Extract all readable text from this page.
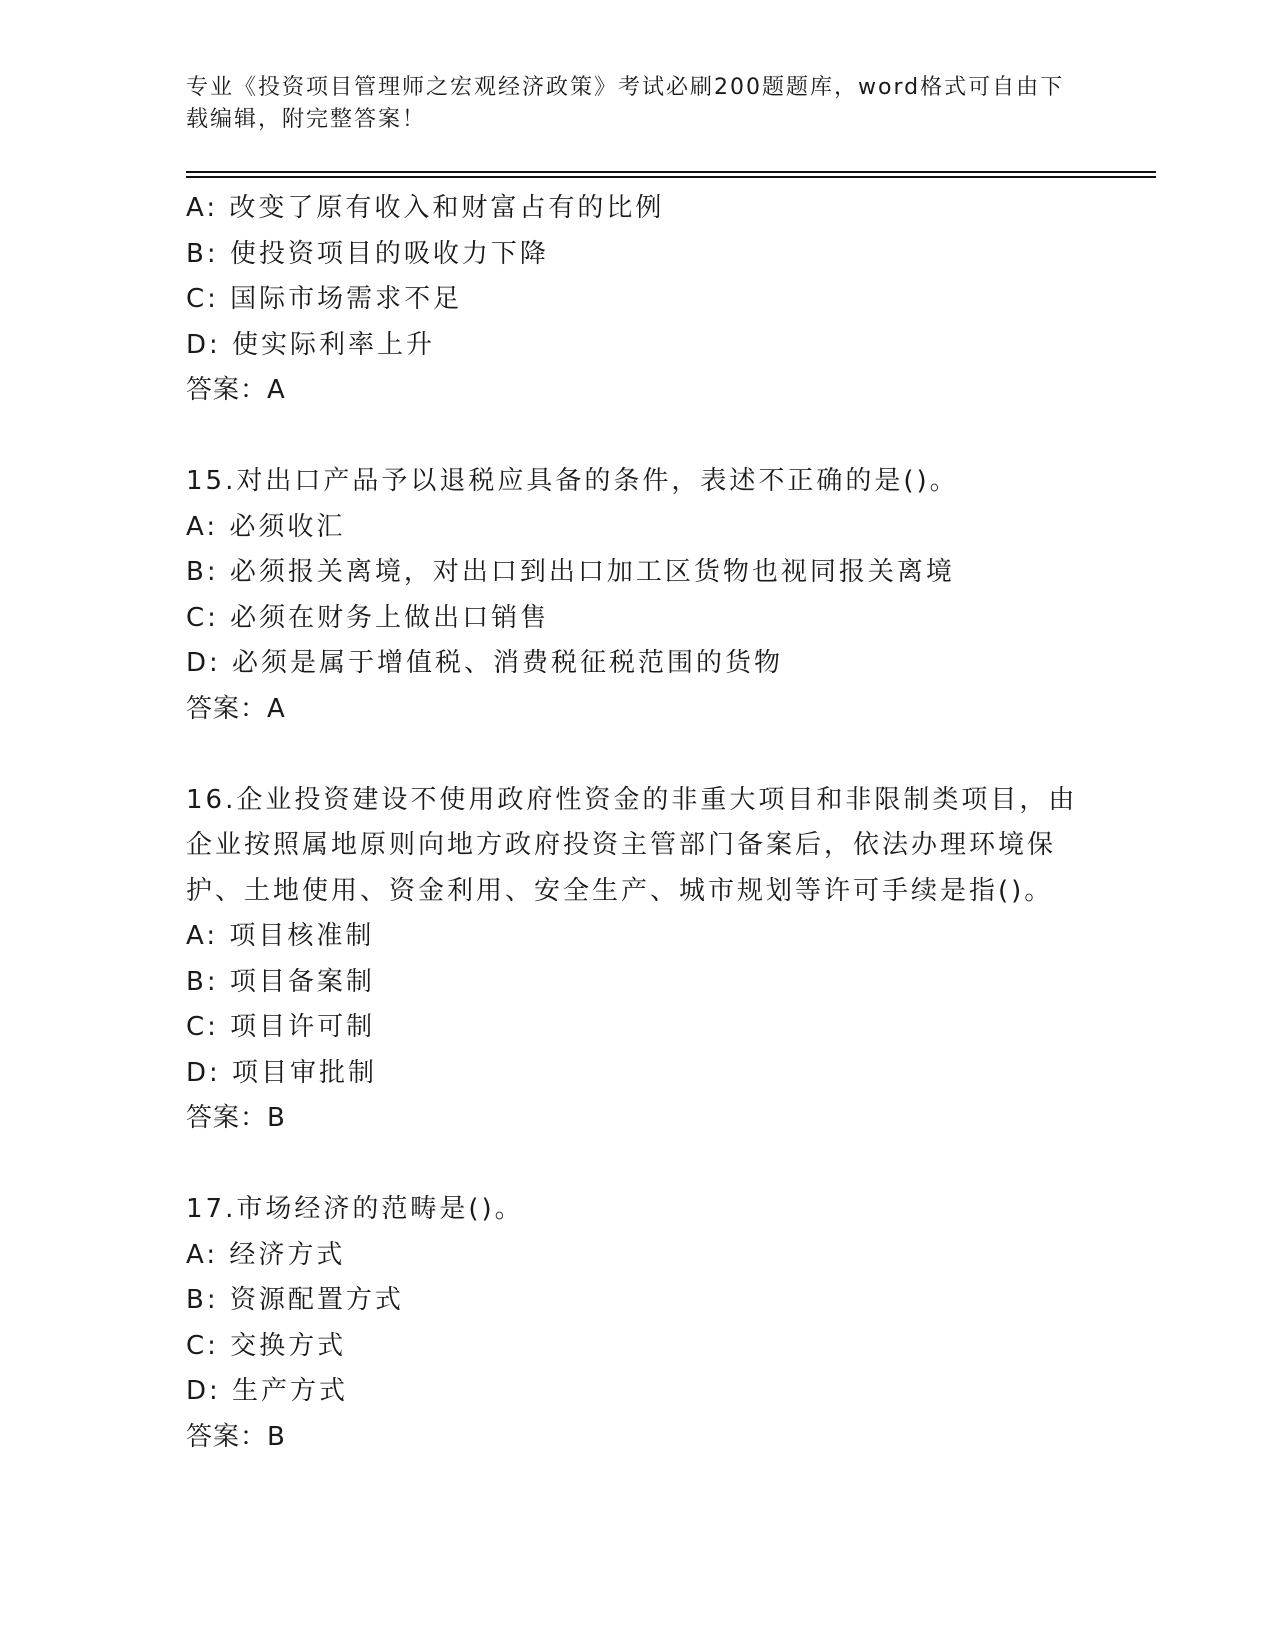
专业《投资项目管理师之宏观经济政策》考试必刷200题题库，word格式可自由下载编辑，附完整答案！

A: 改变了原有收入和财富占有的比例

B: 使投资项目的吸收力下降

C: 国际市场需求不足

D: 使实际利率上升

答案：A

15.对出口产品予以退税应具备的条件，表述不正确的是()。

A: 必须收汇

B: 必须报关离境，对出口到出口加工区货物也视同报关离境

C: 必须在财务上做出口销售

D: 必须是属于增值税、消费税征税范围的货物

答案：A

16.企业投资建设不使用政府性资金的非重大项目和非限制类项目，由企业按照属地原则向地方政府投资主管部门备案后，依法办理环境保护、土地使用、资金利用、安全生产、城市规划等许可手续是指()。

A: 项目核准制

B: 项目备案制

C: 项目许可制

D: 项目审批制

答案：B

17.市场经济的范畴是()。

A: 经济方式

B: 资源配置方式

C: 交换方式

D: 生产方式

答案：B
